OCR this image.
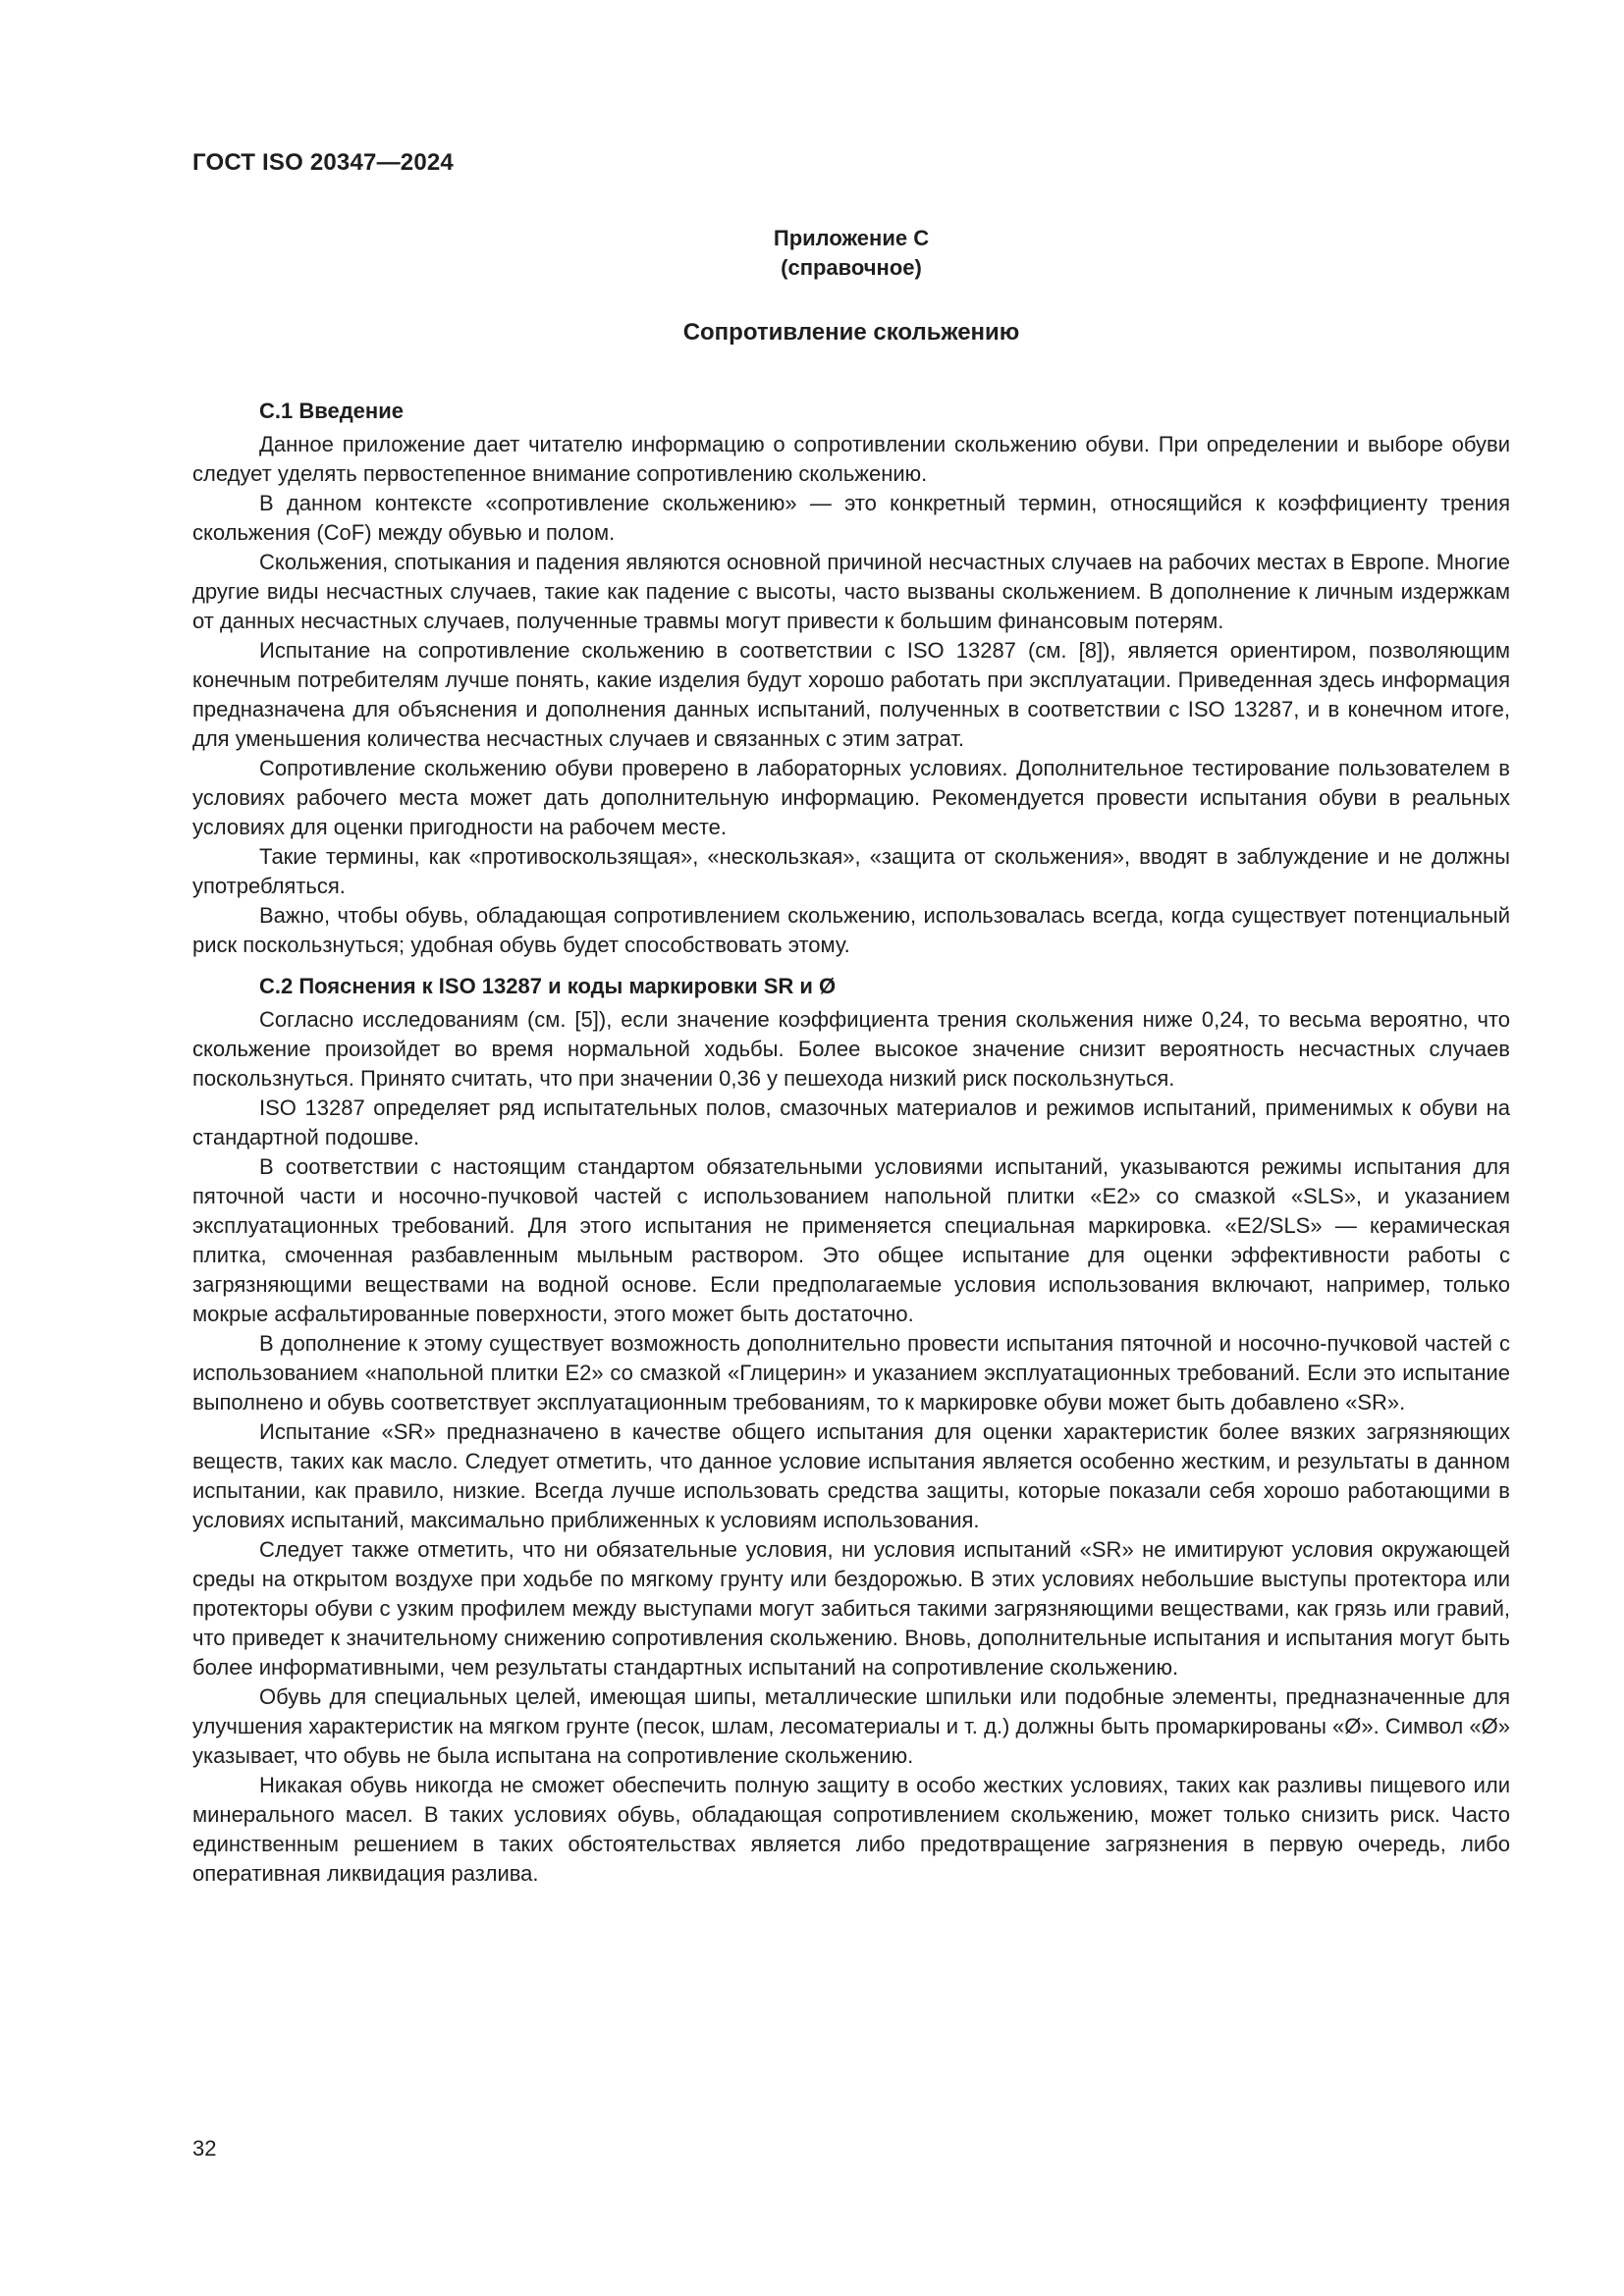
ГОСТ ISO 20347—2024
Приложение С
(справочное)
Сопротивление скольжению
С.1 Введение

Данное приложение дает читателю информацию о сопротивлении скольжению обуви. При определении и выборе обуви следует уделять первостепенное внимание сопротивлению скольжению.

В данном контексте «сопротивление скольжению» — это конкретный термин, относящийся к коэффициенту трения скольжения (CoF) между обувью и полом.

Скольжения, спотыкания и падения являются основной причиной несчастных случаев на рабочих местах в Европе. Многие другие виды несчастных случаев, такие как падение с высоты, часто вызваны скольжением. В дополнение к личным издержкам от данных несчастных случаев, полученные травмы могут привести к большим финансовым потерям.

Испытание на сопротивление скольжению в соответствии с ISO 13287 (см. [8]), является ориентиром, позволяющим конечным потребителям лучше понять, какие изделия будут хорошо работать при эксплуатации. Приведенная здесь информация предназначена для объяснения и дополнения данных испытаний, полученных в соответствии с ISO 13287, и в конечном итоге, для уменьшения количества несчастных случаев и связанных с этим затрат.

Сопротивление скольжению обуви проверено в лабораторных условиях. Дополнительное тестирование пользователем в условиях рабочего места может дать дополнительную информацию. Рекомендуется провести испытания обуви в реальных условиях для оценки пригодности на рабочем месте.

Такие термины, как «противоскользящая», «нескользкая», «защита от скольжения», вводят в заблуждение и не должны употребляться.

Важно, чтобы обувь, обладающая сопротивлением скольжению, использовалась всегда, когда существует потенциальный риск поскользнуться; удобная обувь будет способствовать этому.

С.2 Пояснения к ISO 13287 и коды маркировки SR и Ø

Согласно исследованиям (см. [5]), если значение коэффициента трения скольжения ниже 0,24, то весьма вероятно, что скольжение произойдет во время нормальной ходьбы. Более высокое значение снизит вероятность несчастных случаев поскользнуться. Принято считать, что при значении 0,36 у пешехода низкий риск поскользнуться.

ISO 13287 определяет ряд испытательных полов, смазочных материалов и режимов испытаний, применимых к обуви на стандартной подошве.

В соответствии с настоящим стандартом обязательными условиями испытаний, указываются режимы испытания для пяточной части и носочно-пучковой частей с использованием напольной плитки «Е2» со смазкой «SLS», и указанием эксплуатационных требований. Для этого испытания не применяется специальная маркировка. «E2/SLS» — керамическая плитка, смоченная разбавленным мыльным раствором. Это общее испытание для оценки эффективности работы с загрязняющими веществами на водной основе. Если предполагаемые условия использования включают, например, только мокрые асфальтированные поверхности, этого может быть достаточно.

В дополнение к этому существует возможность дополнительно провести испытания пяточной и носочно-пучковой частей с использованием «напольной плитки Е2» со смазкой «Глицерин» и указанием эксплуатационных требований. Если это испытание выполнено и обувь соответствует эксплуатационным требованиям, то к маркировке обуви может быть добавлено «SR».

Испытание «SR» предназначено в качестве общего испытания для оценки характеристик более вязких загрязняющих веществ, таких как масло. Следует отметить, что данное условие испытания является особенно жестким, и результаты в данном испытании, как правило, низкие. Всегда лучше использовать средства защиты, которые показали себя хорошо работающими в условиях испытаний, максимально приближенных к условиям использования.

Следует также отметить, что ни обязательные условия, ни условия испытаний «SR» не имитируют условия окружающей среды на открытом воздухе при ходьбе по мягкому грунту или бездорожью. В этих условиях небольшие выступы протектора или протекторы обуви с узким профилем между выступами могут забиться такими загрязняющими веществами, как грязь или гравий, что приведет к значительному снижению сопротивления скольжению. Вновь, дополнительные испытания и испытания могут быть более информативными, чем результаты стандартных испытаний на сопротивление скольжению.

Обувь для специальных целей, имеющая шипы, металлические шпильки или подобные элементы, предназначенные для улучшения характеристик на мягком грунте (песок, шлам, лесоматериалы и т. д.) должны быть промаркированы «Ø». Символ «Ø» указывает, что обувь не была испытана на сопротивление скольжению.

Никакая обувь никогда не сможет обеспечить полную защиту в особо жестких условиях, таких как разливы пищевого или минерального масел. В таких условиях обувь, обладающая сопротивлением скольжению, может только снизить риск. Часто единственным решением в таких обстоятельствах является либо предотвращение загрязнения в первую очередь, либо оперативная ликвидация разлива.

32
